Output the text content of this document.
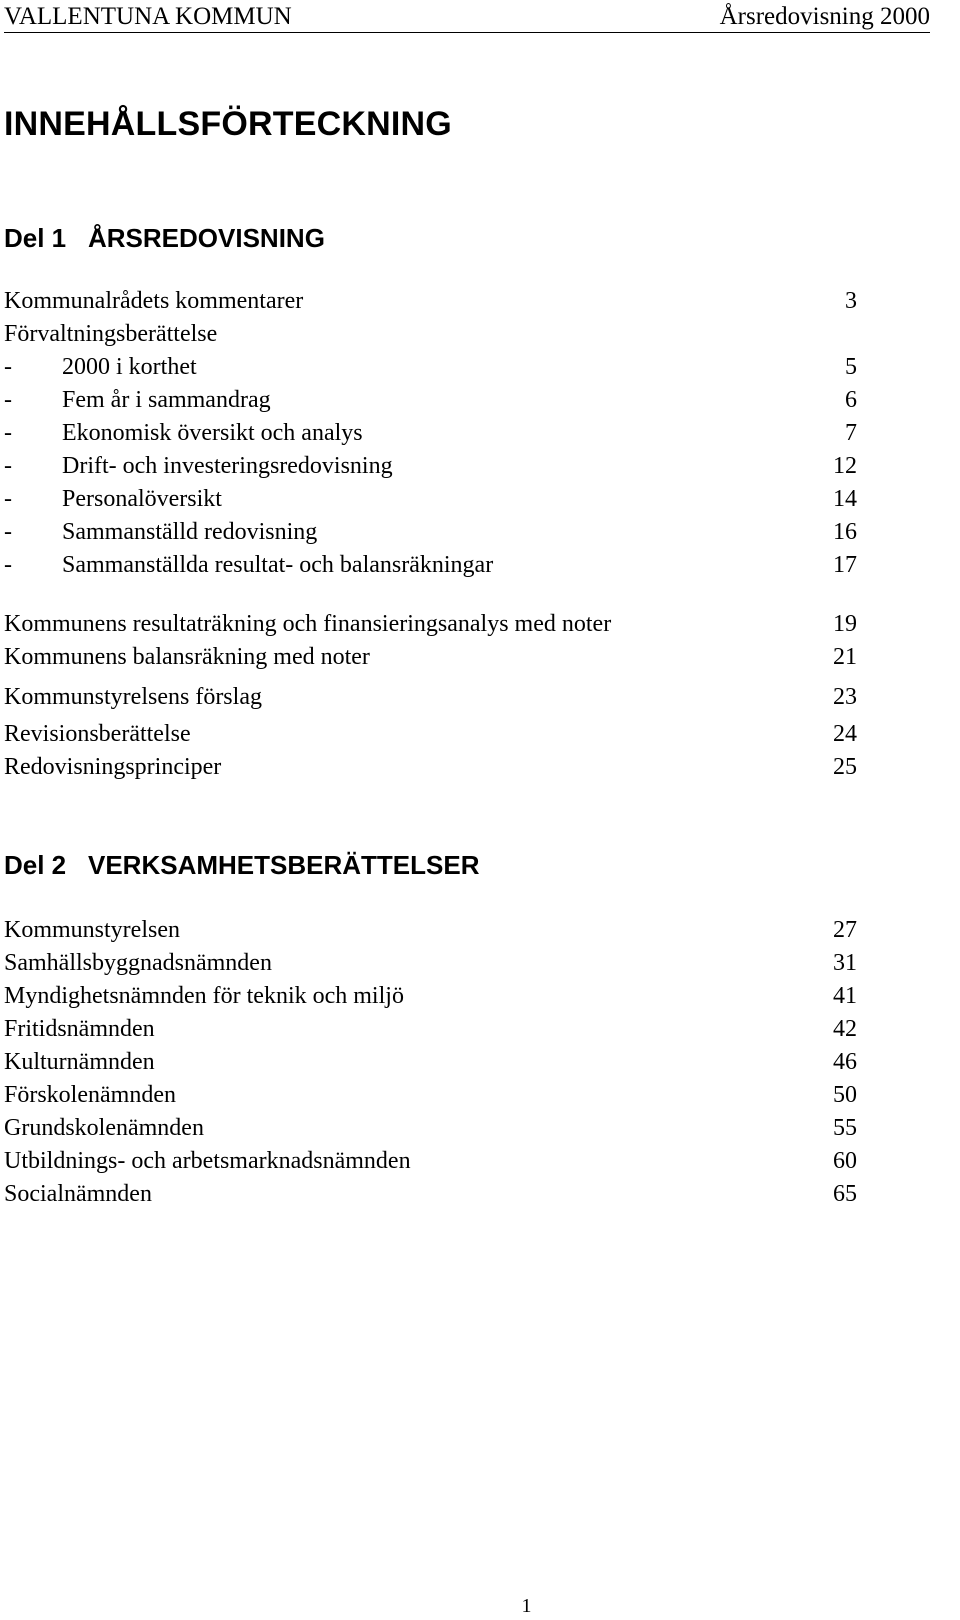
VALLENTUNA KOMMUN	Årsredovisning 2000
INNEHÅLLSFÖRTECKNING
Del 1 ÅRSREDOVISNING
Kommunalrådets kommentarer	3
Förvaltningsberättelse
- 2000 i korthet	5
- Fem år i sammandrag	6
- Ekonomisk översikt och analys	7
- Drift- och investeringsredovisning	12
- Personalöversikt	14
- Sammanställd redovisning	16
- Sammanställda resultat- och balansräkningar	17
Kommunens resultaträkning och finansieringsanalys med noter	19
Kommunens balansräkning med noter	21
Kommunstyrelsens förslag	23
Revisionsberättelse	24
Redovisningsprinciper	25
Del 2 VERKSAMHETSBERÄTTELSER
Kommunstyrelsen	27
Samhällsbyggnadsnämnden	31
Myndighetsnämnden för teknik och miljö	41
Fritidsnämnden	42
Kulturnämnden	46
Förskolenämnden	50
Grundskolenämnden	55
Utbildnings- och arbetsmarknadsnämnden	60
Socialnämnden	65
1
